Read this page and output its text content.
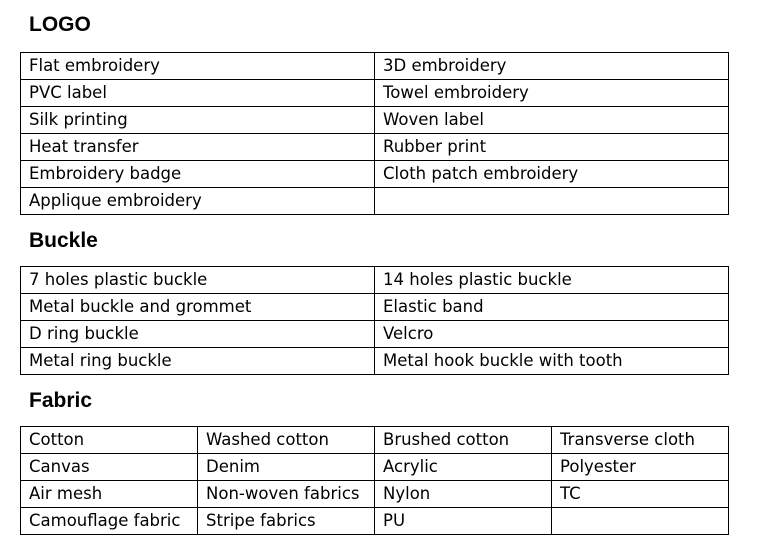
LOGO
Flat embroidery	3D embroidery
PVC label	Towel embroidery
Silk printing	Woven label
Heat transfer	Rubber print
Embroidery badge	Cloth patch embroidery
Applique embroidery	
Buckle
7 holes plastic buckle	14 holes plastic buckle
Metal buckle and grommet	Elastic band
D ring buckle	Velcro
Metal ring buckle	Metal hook buckle with tooth
Fabric
Cotton	Washed cotton	Brushed cotton	Transverse cloth
Canvas	Denim	Acrylic	Polyester
Air mesh	Non-woven fabrics	Nylon	TC
Camouflage fabric	Stripe fabrics	PU	
